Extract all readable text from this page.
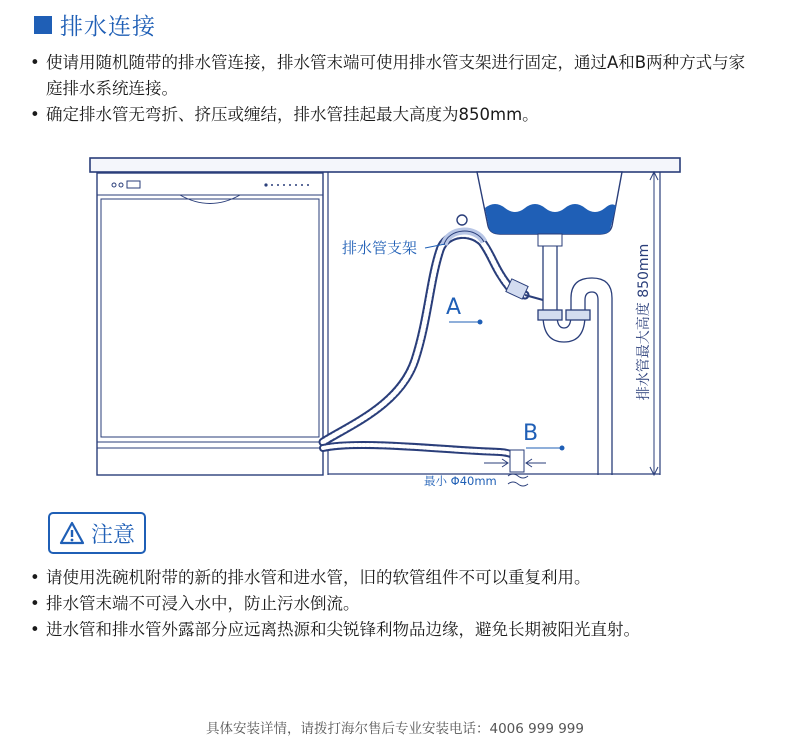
排水连接
• 使请用随机随带的排水管连接，排水管末端可使用排水管支架进行固定，通过A和B两种方式与家庭排水系统连接。
• 确定排水管无弯折、挤压或缠结，排水管挂起最大高度为850mm。
排水管最大高度 850mm
最小 Φ40mm
排水管支架
A
B
注意
• 请使用洗碗机附带的新的排水管和进水管，旧的软管组件不可以重复利用。
• 排水管末端不可浸入水中，防止污水倒流。
• 进水管和排水管外露部分应远离热源和尖锐锋利物品边缘，避免长期被阳光直射。
具体安装详情，请拨打海尔售后专业安装电话：4006 999 999
